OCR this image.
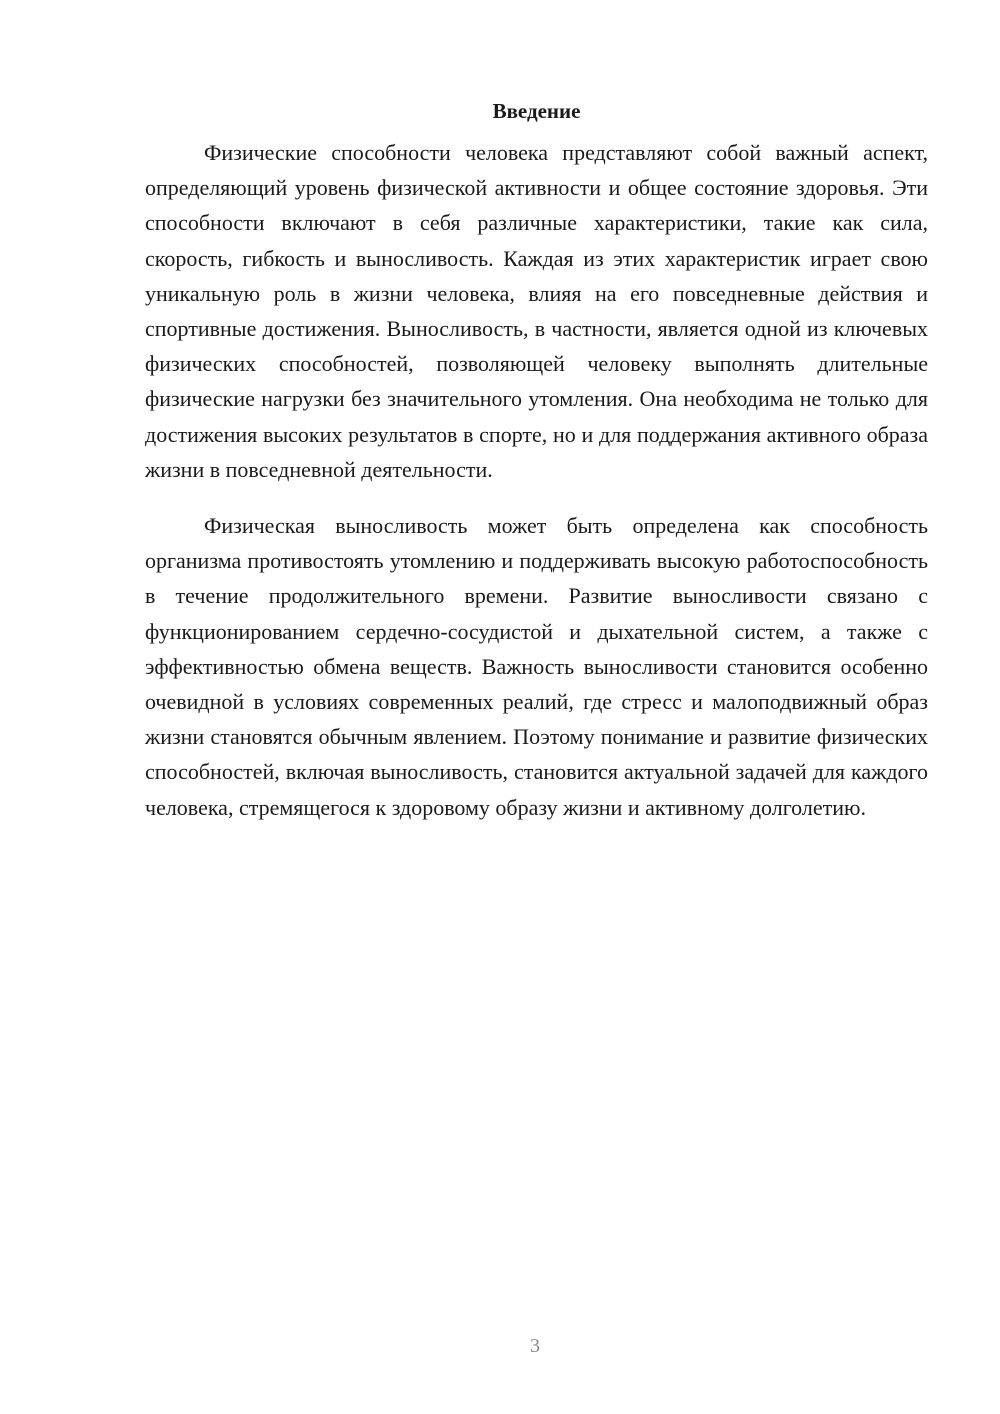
Введение

Физические способности человека представляют собой важный аспект, определяющий уровень физической активности и общее состояние здоровья. Эти способности включают в себя различные характеристики, такие как сила, скорость, гибкость и выносливость. Каждая из этих характеристик играет свою уникальную роль в жизни человека, влияя на его повседневные действия и спортивные достижения. Выносливость, в частности, является одной из ключевых физических способностей, позволяющей человеку выполнять длительные физические нагрузки без значительного утомления. Она необходима не только для достижения высоких результатов в спорте, но и для поддержания активного образа жизни в повседневной деятельности.

Физическая выносливость может быть определена как способность организма противостоять утомлению и поддерживать высокую работоспособность в течение продолжительного времени. Развитие выносливости связано с функционированием сердечно-сосудистой и дыхательной систем, а также с эффективностью обмена веществ. Важность выносливости становится особенно очевидной в условиях современных реалий, где стресс и малоподвижный образ жизни становятся обычным явлением. Поэтому понимание и развитие физических способностей, включая выносливость, становится актуальной задачей для каждого человека, стремящегося к здоровому образу жизни и активному долголетию.

3
